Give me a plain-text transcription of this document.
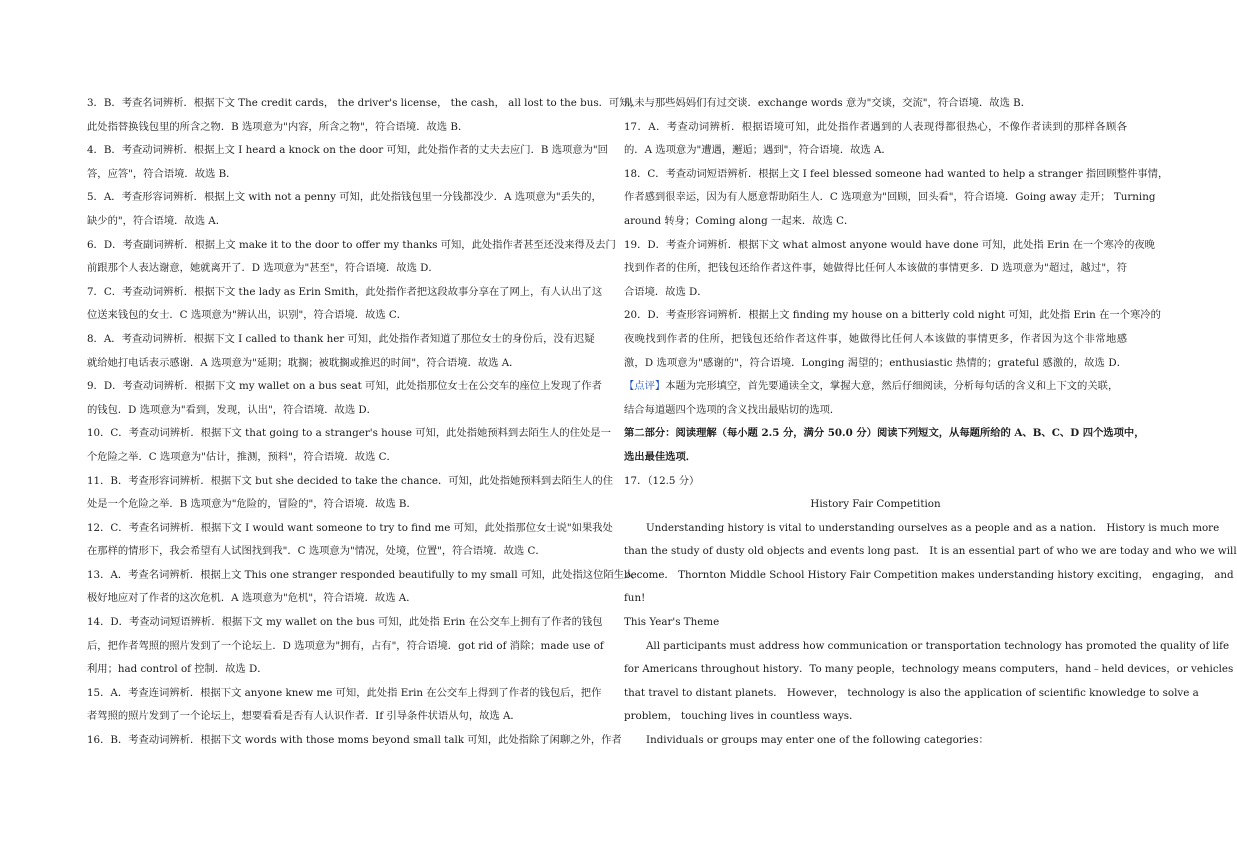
3．B．考查名词辨析．根据下文 The credit cards， the driver's license， the cash， all lost to the bus．可知，
此处指替换钱包里的所含之物．B 选项意为"内容，所含之物"，符合语境．故选 B．
4．B．考查动词辨析．根据上文 I heard a knock on the door 可知，此处指作者的丈夫去应门．B 选项意为"回
答，应答"，符合语境．故选 B．
5．A．考查形容词辨析．根据上文 with not a penny 可知，此处指钱包里一分钱都没少．A 选项意为"丢失的，
缺少的"，符合语境．故选 A．
6．D．考查副词辨析．根据上文 make it to the door to offer my thanks 可知，此处指作者甚至还没来得及去门
前跟那个人表达谢意，她就离开了．D 选项意为"甚至"，符合语境．故选 D．
7．C．考查动词辨析．根据下文 the lady as Erin Smith，此处指作者把这段故事分享在了网上，有人认出了这
位送来钱包的女士．C 选项意为"辨认出，识别"，符合语境．故选 C．
8．A．考查动词辨析．根据下文 I called to thank her 可知，此处指作者知道了那位女士的身份后，没有迟疑
就给她打电话表示感谢．A 选项意为"延期；耽搁；被耽搁或推迟的时间"，符合语境．故选 A．
9．D．考查动词辨析．根据下文 my wallet on a bus seat 可知，此处指那位女士在公交车的座位上发现了作者
的钱包．D 选项意为"看到，发现，认出"，符合语境．故选 D．
10．C．考查动词辨析．根据下文 that going to a stranger's house 可知，此处指她预料到去陌生人的住处是一
个危险之举．C 选项意为"估计，推测，预料"，符合语境．故选 C．
11．B．考查形容词辨析．根据下文 but she decided to take the chance．可知，此处指她预料到去陌生人的住
处是一个危险之举．B 选项意为"危险的，冒险的"，符合语境．故选 B．
12．C．考查名词辨析．根据下文 I would want someone to try to find me 可知，此处指那位女士说"如果我处
在那样的情形下，我会希望有人试图找到我"．C 选项意为"情况，处境，位置"，符合语境．故选 C．
13．A．考查名词辨析．根据上文 This one stranger responded beautifully to my small 可知，此处指这位陌生人
极好地应对了作者的这次危机．A 选项意为"危机"，符合语境．故选 A．
14．D．考查动词短语辨析．根据下文 my wallet on the bus 可知，此处指 Erin 在公交车上拥有了作者的钱包
后，把作者驾照的照片发到了一个论坛上．D 选项意为"拥有，占有"，符合语境．got rid of 消除；made use of
利用；had control of 控制．故选 D．
15．A．考查连词辨析．根据下文 anyone knew me 可知，此处指 Erin 在公交车上得到了作者的钱包后，把作
者驾照的照片发到了一个论坛上，想要看看是否有人认识作者．If 引导条件状语从句，故选 A．
16．B．考查动词辨析．根据下文 words with those moms beyond small talk 可知，此处指除了闲聊之外，作者
从未与那些妈妈们有过交谈．exchange words 意为"交谈，交流"，符合语境．故选 B．
17．A．考查动词辨析．根据语境可知，此处指作者遇到的人表现得都很热心，不像作者读到的那样各顾各
的．A 选项意为"遭遇，邂逅；遇到"，符合语境．故选 A．
18．C．考查动词短语辨析．根据上文 I feel blessed someone had wanted to help a stranger 指回顾整件事情，
作者感到很幸运，因为有人愿意帮助陌生人．C 选项意为"回顾，回头看"，符合语境．Going away 走开； Turning
around 转身；Coming along 一起来．故选 C．
19．D．考查介词辨析．根据下文 what almost anyone would have done 可知，此处指 Erin 在一个寒冷的夜晚
找到作者的住所，把钱包还给作者这件事，她做得比任何人本该做的事情更多．D 选项意为"超过，越过"，符
合语境．故选 D．
20．D．考查形容词辨析．根据上文 finding my house on a bitterly cold night 可知，此处指 Erin 在一个寒冷的
夜晚找到作者的住所，把钱包还给作者这件事，她做得比任何人本该做的事情更多，作者因为这个非常地感
激，D 选项意为"感谢的"，符合语境．Longing 渴望的；enthusiastic 热情的；grateful 感激的，故选 D．
【点评】本题为完形填空，首先要通读全文，掌握大意，然后仔细阅读，分析每句话的含义和上下文的关联，
结合每道题四个选项的含义找出最贴切的选项．
第二部分：阅读理解（每小题 2.5 分，满分 50.0 分）阅读下列短文，从每题所给的 A、B、C、D 四个选项中，
选出最佳选项．
17．（12.5 分）
History Fair Competition
Understanding history is vital to understanding ourselves as a people and as a nation． History is much more
than the study of dusty old objects and events long past． It is an essential part of who we are today and who we will
become． Thornton Middle School History Fair Competition makes understanding history exciting， engaging， and
fun!
This Year's Theme
All participants must address how communication or transportation technology has promoted the quality of life
for Americans throughout history．To many people，technology means computers，hand﹣held devices，or vehicles
that travel to distant planets． However， technology is also the application of scientific knowledge to solve a
problem， touching lives in countless ways．
Individuals or groups may enter one of the following categories：
